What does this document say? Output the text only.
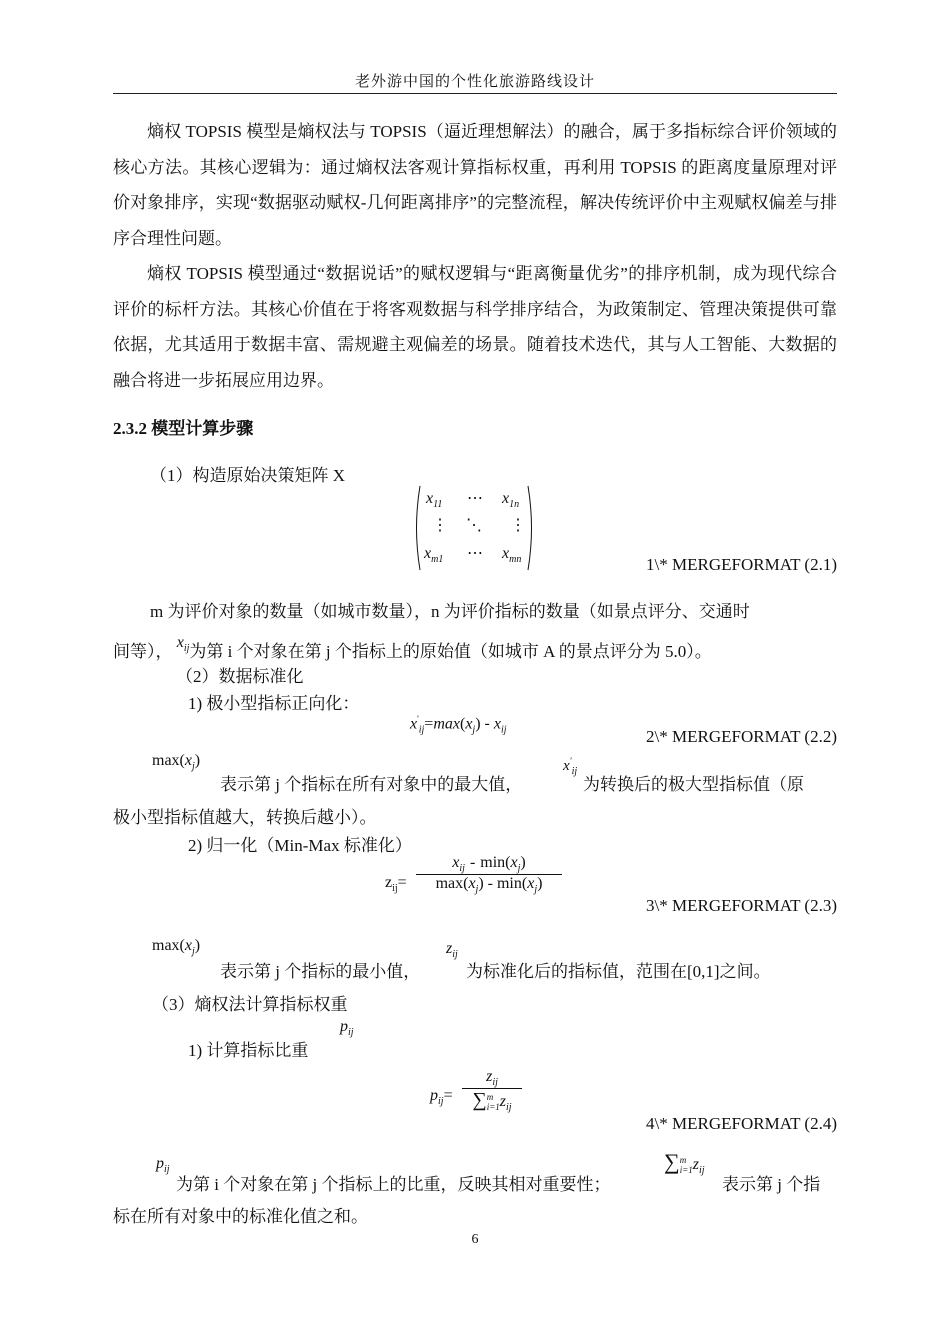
老外游中国的个性化旅游路线设计

熵权 TOPSIS 模型是熵权法与 TOPSIS（逼近理想解法）的融合，属于多指标综合评价领域的核心方法。其核心逻辑为：通过熵权法客观计算指标权重，再利用 TOPSIS 的距离度量原理对评价对象排序，实现“数据驱动赋权-几何距离排序”的完整流程，解决传统评价中主观赋权偏差与排序合理性问题。

熵权 TOPSIS 模型通过“数据说话”的赋权逻辑与“距离衡量优劣”的排序机制，成为现代综合评价的标杆方法。其核心价值在于将客观数据与科学排序结合，为政策制定、管理决策提供可靠依据，尤其适用于数据丰富、需规避主观偏差的场景。随着技术迭代，其与人工智能、大数据的融合将进一步拓展应用边界。

2.3.2 模型计算步骤
（1）构造原始决策矩阵 X
$x_{11}$ ⋯ $x_{1n}$
⋮ ⋱ ⋮
$x_{m1}$ ⋯ $x_{mn}$	1\* MERGEFORMAT (2.1)
m 为评价对象的数量（如城市数量），n 为评价指标的数量（如景点评分、交通时
间等）， $x_{ij}$为第 i 个对象在第 j 个指标上的原始值（如城市 A 的景点评分为 5.0）。
（2）数据标准化
1) 极小型指标正向化：
$x'_{ij}=\max(x_j) - x_{ij}$	2\* MERGEFORMAT (2.2)
$\max(x_j)$
表示第 j 个指标在所有对象中的最大值，
$x'_{ij}$
为转换后的极大型指标值（原
极小型指标值越大，转换后越小）。
2) 归一化（Min-Max 标准化）
$z_{ij}=$
$x_{ij} - \min(x_j)$
$\max(x_j) - \min(x_j)$
3\* MERGEFORMAT (2.3)
$\max(x_j)$
表示第 j 个指标的最小值，
$z_{ij}$
为标准化后的指标值，范围在[0,1]之间。
（3）熵权法计算指标权重
1) 计算指标比重
$p_{ij}$
$p_{ij}=$
$z_{ij}$
∑m
$i=1z_{ij}$
4\* MERGEFORMAT (2.4)
$p_{ij}$
为第 i 个对象在第 j 个指标上的比重，反映其相对重要性；
∑m
$i=1z_{ij}$
表示第 j 个指
标在所有对象中的标准化值之和。
6
